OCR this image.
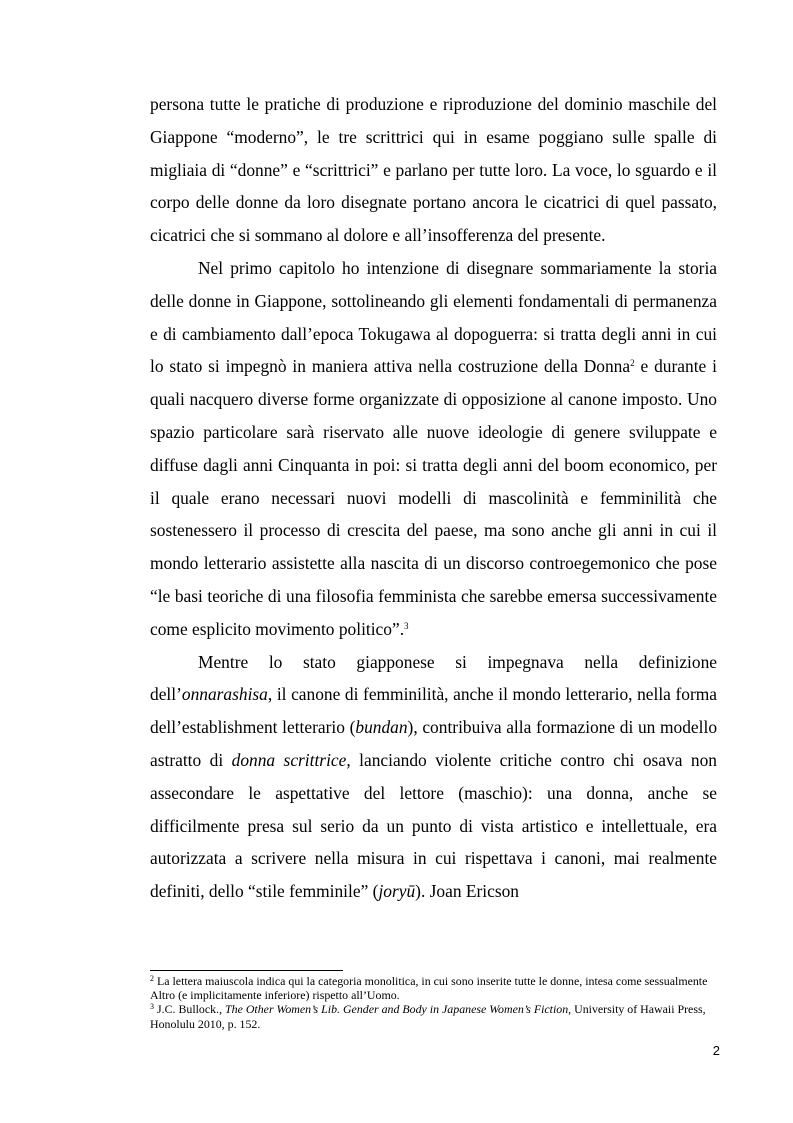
persona tutte le pratiche di produzione e riproduzione del dominio maschile del Giappone “moderno”, le tre scrittrici qui in esame poggiano sulle spalle di migliaia di “donne” e “scrittrici” e parlano per tutte loro. La voce, lo sguardo e il corpo delle donne da loro disegnate portano ancora le cicatrici di quel passato, cicatrici che si sommano al dolore e all’insofferenza del presente.

Nel primo capitolo ho intenzione di disegnare sommariamente la storia delle donne in Giappone, sottolineando gli elementi fondamentali di permanenza e di cambiamento dall’epoca Tokugawa al dopoguerra: si tratta degli anni in cui lo stato si impegnò in maniera attiva nella costruzione della Donna$^2$ e durante i quali nacquero diverse forme organizzate di opposizione al canone imposto. Uno spazio particolare sarà riservato alle nuove ideologie di genere sviluppate e diffuse dagli anni Cinquanta in poi: si tratta degli anni del boom economico, per il quale erano necessari nuovi modelli di mascolinità e femminilità che sostenessero il processo di crescita del paese, ma sono anche gli anni in cui il mondo letterario assistette alla nascita di un discorso controegemonico che pose “le basi teoriche di una filosofia femminista che sarebbe emersa successivamente come esplicito movimento politico”.$^3$

Mentre lo stato giapponese si impegnava nella definizione dell’onnarashisa, il canone di femminilità, anche il mondo letterario, nella forma dell’establishment letterario (bundan), contribuiva alla formazione di un modello astratto di donna scrittrice, lanciando violente critiche contro chi osava non assecondare le aspettative del lettore (maschio): una donna, anche se difficilmente presa sul serio da un punto di vista artistico e intellettuale, era autorizzata a scrivere nella misura in cui rispettava i canoni, mai realmente definiti, dello “stile femminile” (joryū). Joan Ericson

$^2$ La lettera maiuscola indica qui la categoria monolitica, in cui sono inserite tutte le donne, intesa come sessualmente Altro (e implicitamente inferiore) rispetto all’Uomo.

$^3$ J.C. Bullock., The Other Women’s Lib. Gender and Body in Japanese Women’s Fiction, University of Hawaii Press, Honolulu 2010, p. 152.

2
